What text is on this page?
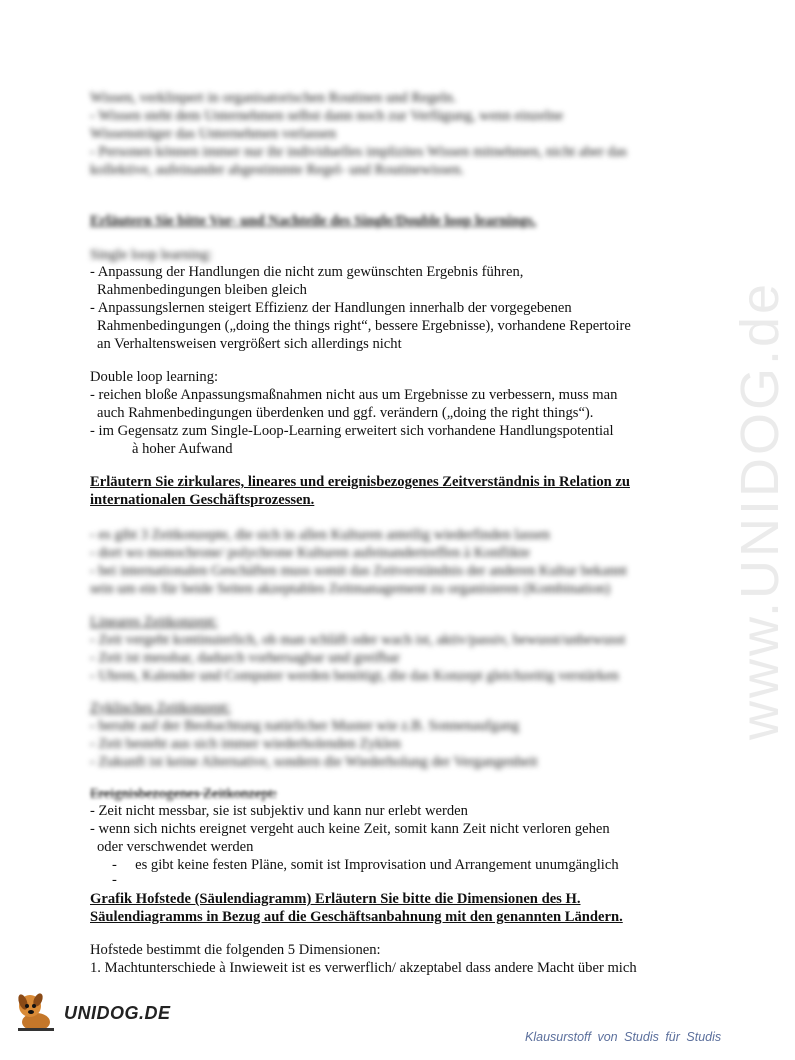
www.UNIDOG.de
Wissen, verklinpert in organisatorischen Routinen und Regeln.
- Wissen steht dem Unternehmen selbst dann noch zur Verfügung, wenn einzelne
Wissensträger das Unternehmen verlassen
- Personen können immer nur ihr individuelles implizites Wissen mitnehmen, nicht aber das
kollektive, aufeinander abgestimmte Regel- und Routinewissen.
Erläutern Sie bitte Vor- und Nachteile des Single/Double loop learnings.
Single loop learning:
- Anpassung der Handlungen die nicht zum gewünschten Ergebnis führen,
Rahmenbedingungen bleiben gleich
- Anpassungslernen steigert Effizienz der Handlungen innerhalb der vorgegebenen
Rahmenbedingungen („doing the things right“, bessere Ergebnisse), vorhandene Repertoire
an Verhaltensweisen vergrößert sich allerdings nicht
Double loop learning:
- reichen bloße Anpassungsmaßnahmen nicht aus um Ergebnisse zu verbessern, muss man
auch Rahmenbedingungen überdenken und ggf. verändern („doing the right things“).
- im Gegensatz zum Single-Loop-Learning erweitert sich vorhandene Handlungspotential
à hoher Aufwand
Erläutern Sie zirkulares, lineares und ereignisbezogenes Zeitverständnis in Relation zu
internationalen Geschäftsprozessen.
- es gibt 3 Zeitkonzepte, die sich in allen Kulturen anteilig wiederfinden lassen
- dort wo monochrone/ polychrone Kulturen aufeinandertreffen à Konflikte
- bei internationalen Geschäften muss somit das Zeitverständnis der anderen Kultur bekannt
sein um ein für beide Seiten akzeptables Zeitmanagement zu organisieren (Kombination)
Lineares Zeitkonzept:
- Zeit vergeht kontinuierlich, ob man schläft oder wach ist, aktiv/passiv, bewusst/unbewusst
- Zeit ist messbar, dadurch vorhersagbar und greifbar
- Uhren, Kalender und Computer werden benötigt, die das Konzept gleichzeitig verstärken
Zyklisches Zeitkonzept:
- beruht auf der Beobachtung natürlicher Muster wie z.B. Sonnenaufgang
- Zeit besteht aus sich immer wiederholenden Zyklen
- Zukunft ist keine Alternative, sondern die Wiederholung der Vergangenheit
Ereignisbezogenes Zeitkonzept:
- Zeit nicht messbar, sie ist subjektiv und kann nur erlebt werden
- wenn sich nichts ereignet vergeht auch keine Zeit, somit kann Zeit nicht verloren gehen
oder verschwendet werden
-     es gibt keine festen Pläne, somit ist Improvisation und Arrangement unumgänglich
-
Grafik Hofstede (Säulendiagramm) Erläutern Sie bitte die Dimensionen des H.
Säulendiagramms in Bezug auf die Geschäftsanbahnung mit den genannten Ländern.
Hofstede bestimmt die folgenden 5 Dimensionen:
1. Machtunterschiede à Inwieweit ist es verwerflich/ akzeptabel dass andere Macht über mich
UNIDOG.DE
Klausurstoff von Studis für Studis
